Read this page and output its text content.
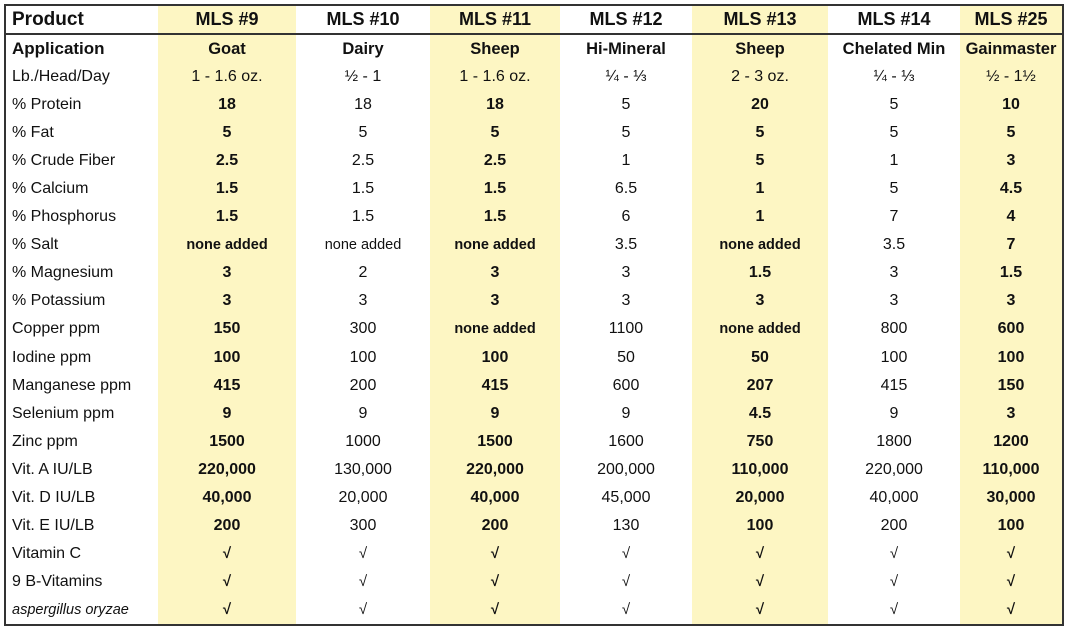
Product	MLS #9	MLS #10	MLS #11	MLS #12	MLS #13	MLS #14	MLS #25
Application	Goat	Dairy	Sheep	Hi-Mineral	Sheep	Chelated Min	Gainmaster
Lb./Head/Day	1 - 1.6 oz.	½ - 1	1 - 1.6 oz.	¼ - ⅓	2 - 3 oz.	¼ - ⅓	½ - 1½
% Protein	18	18	18	5	20	5	10
% Fat	5	5	5	5	5	5	5
% Crude Fiber	2.5	2.5	2.5	1	5	1	3
% Calcium	1.5	1.5	1.5	6.5	1	5	4.5
% Phosphorus	1.5	1.5	1.5	6	1	7	4
% Salt	none added	none added	none added	3.5	none added	3.5	7
% Magnesium	3	2	3	3	1.5	3	1.5
% Potassium	3	3	3	3	3	3	3
Copper ppm	150	300	none added	1100	none added	800	600
Iodine ppm	100	100	100	50	50	100	100
Manganese ppm	415	200	415	600	207	415	150
Selenium ppm	9	9	9	9	4.5	9	3
Zinc ppm	1500	1000	1500	1600	750	1800	1200
Vit. A IU/LB	220,000	130,000	220,000	200,000	110,000	220,000	110,000
Vit. D IU/LB	40,000	20,000	40,000	45,000	20,000	40,000	30,000
Vit. E IU/LB	200	300	200	130	100	200	100
Vitamin C	√	√	√	√	√	√	√
9 B-Vitamins	√	√	√	√	√	√	√
aspergillus oryzae	√	√	√	√	√	√	√
